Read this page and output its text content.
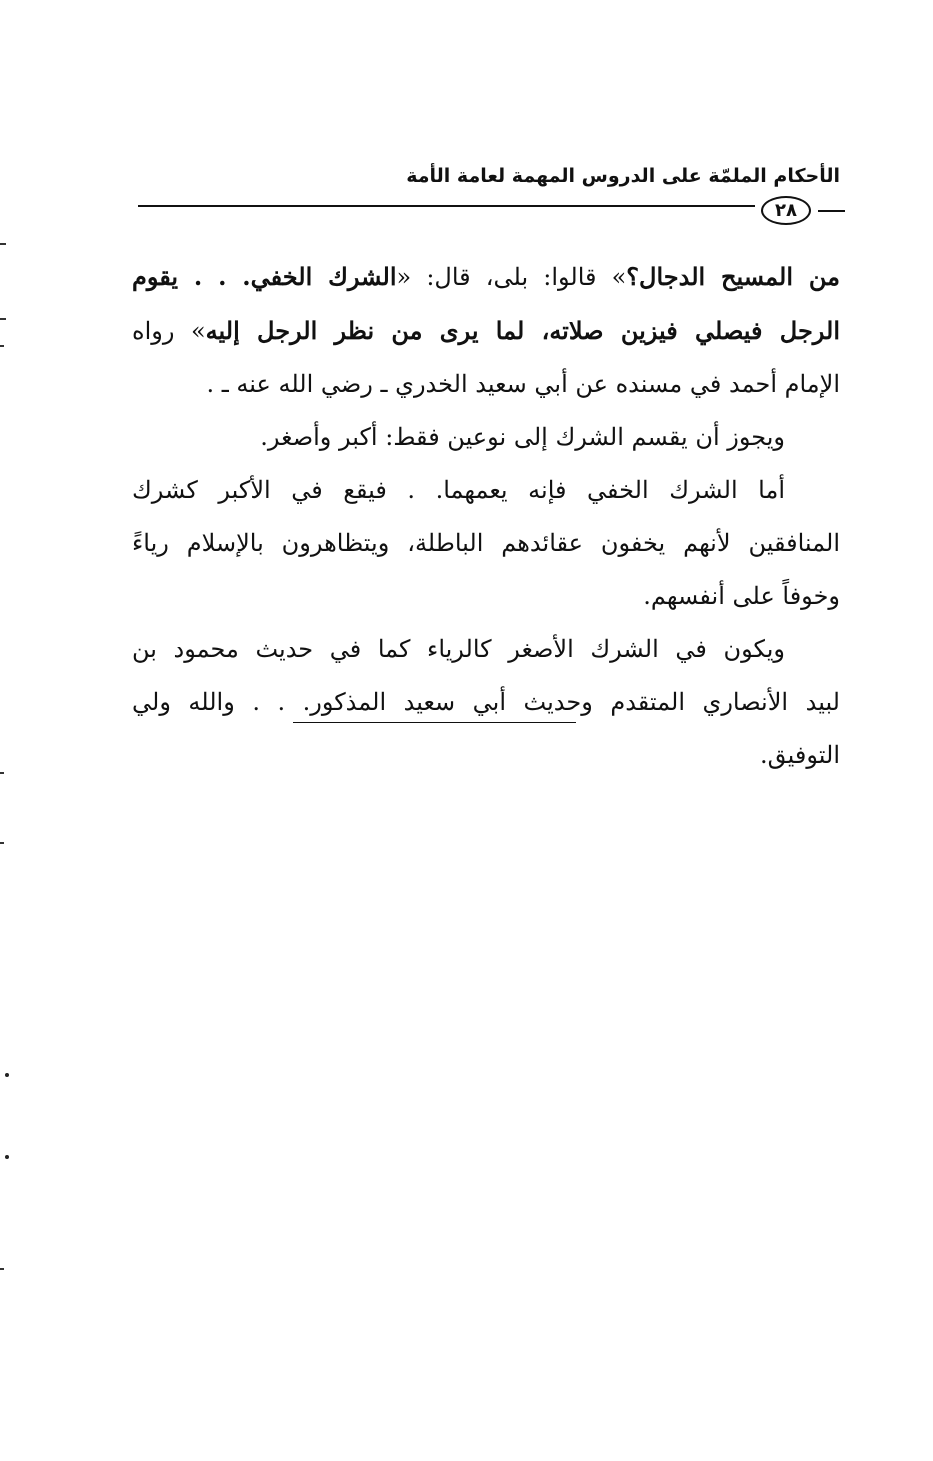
الأحكام الملمّة على الدروس المهمة لعامة الأمة
٢٨
من المسيح الدجال؟» قالوا: بلى، قال: «الشرك الخفي. . . يقوم
الرجل فيصلي فيزين صلاته، لما يرى من نظر الرجل إليه» رواه
الإمام أحمد في مسنده عن أبي سعيد الخدري ـ رضي الله عنه ـ .
ويجوز أن يقسم الشرك إلى نوعين فقط: أكبر وأصغر.
أما الشرك الخفي فإنه يعمهما. . فيقع في الأكبر كشرك
المنافقين لأنهم يخفون عقائدهم الباطلة، ويتظاهرون بالإسلام رياءً
وخوفاً على أنفسهم.
ويكون في الشرك الأصغر كالرياء كما في حديث محمود بن
لبيد الأنصاري المتقدم وحديث أبي سعيد المذكور. . . والله ولي
التوفيق.
